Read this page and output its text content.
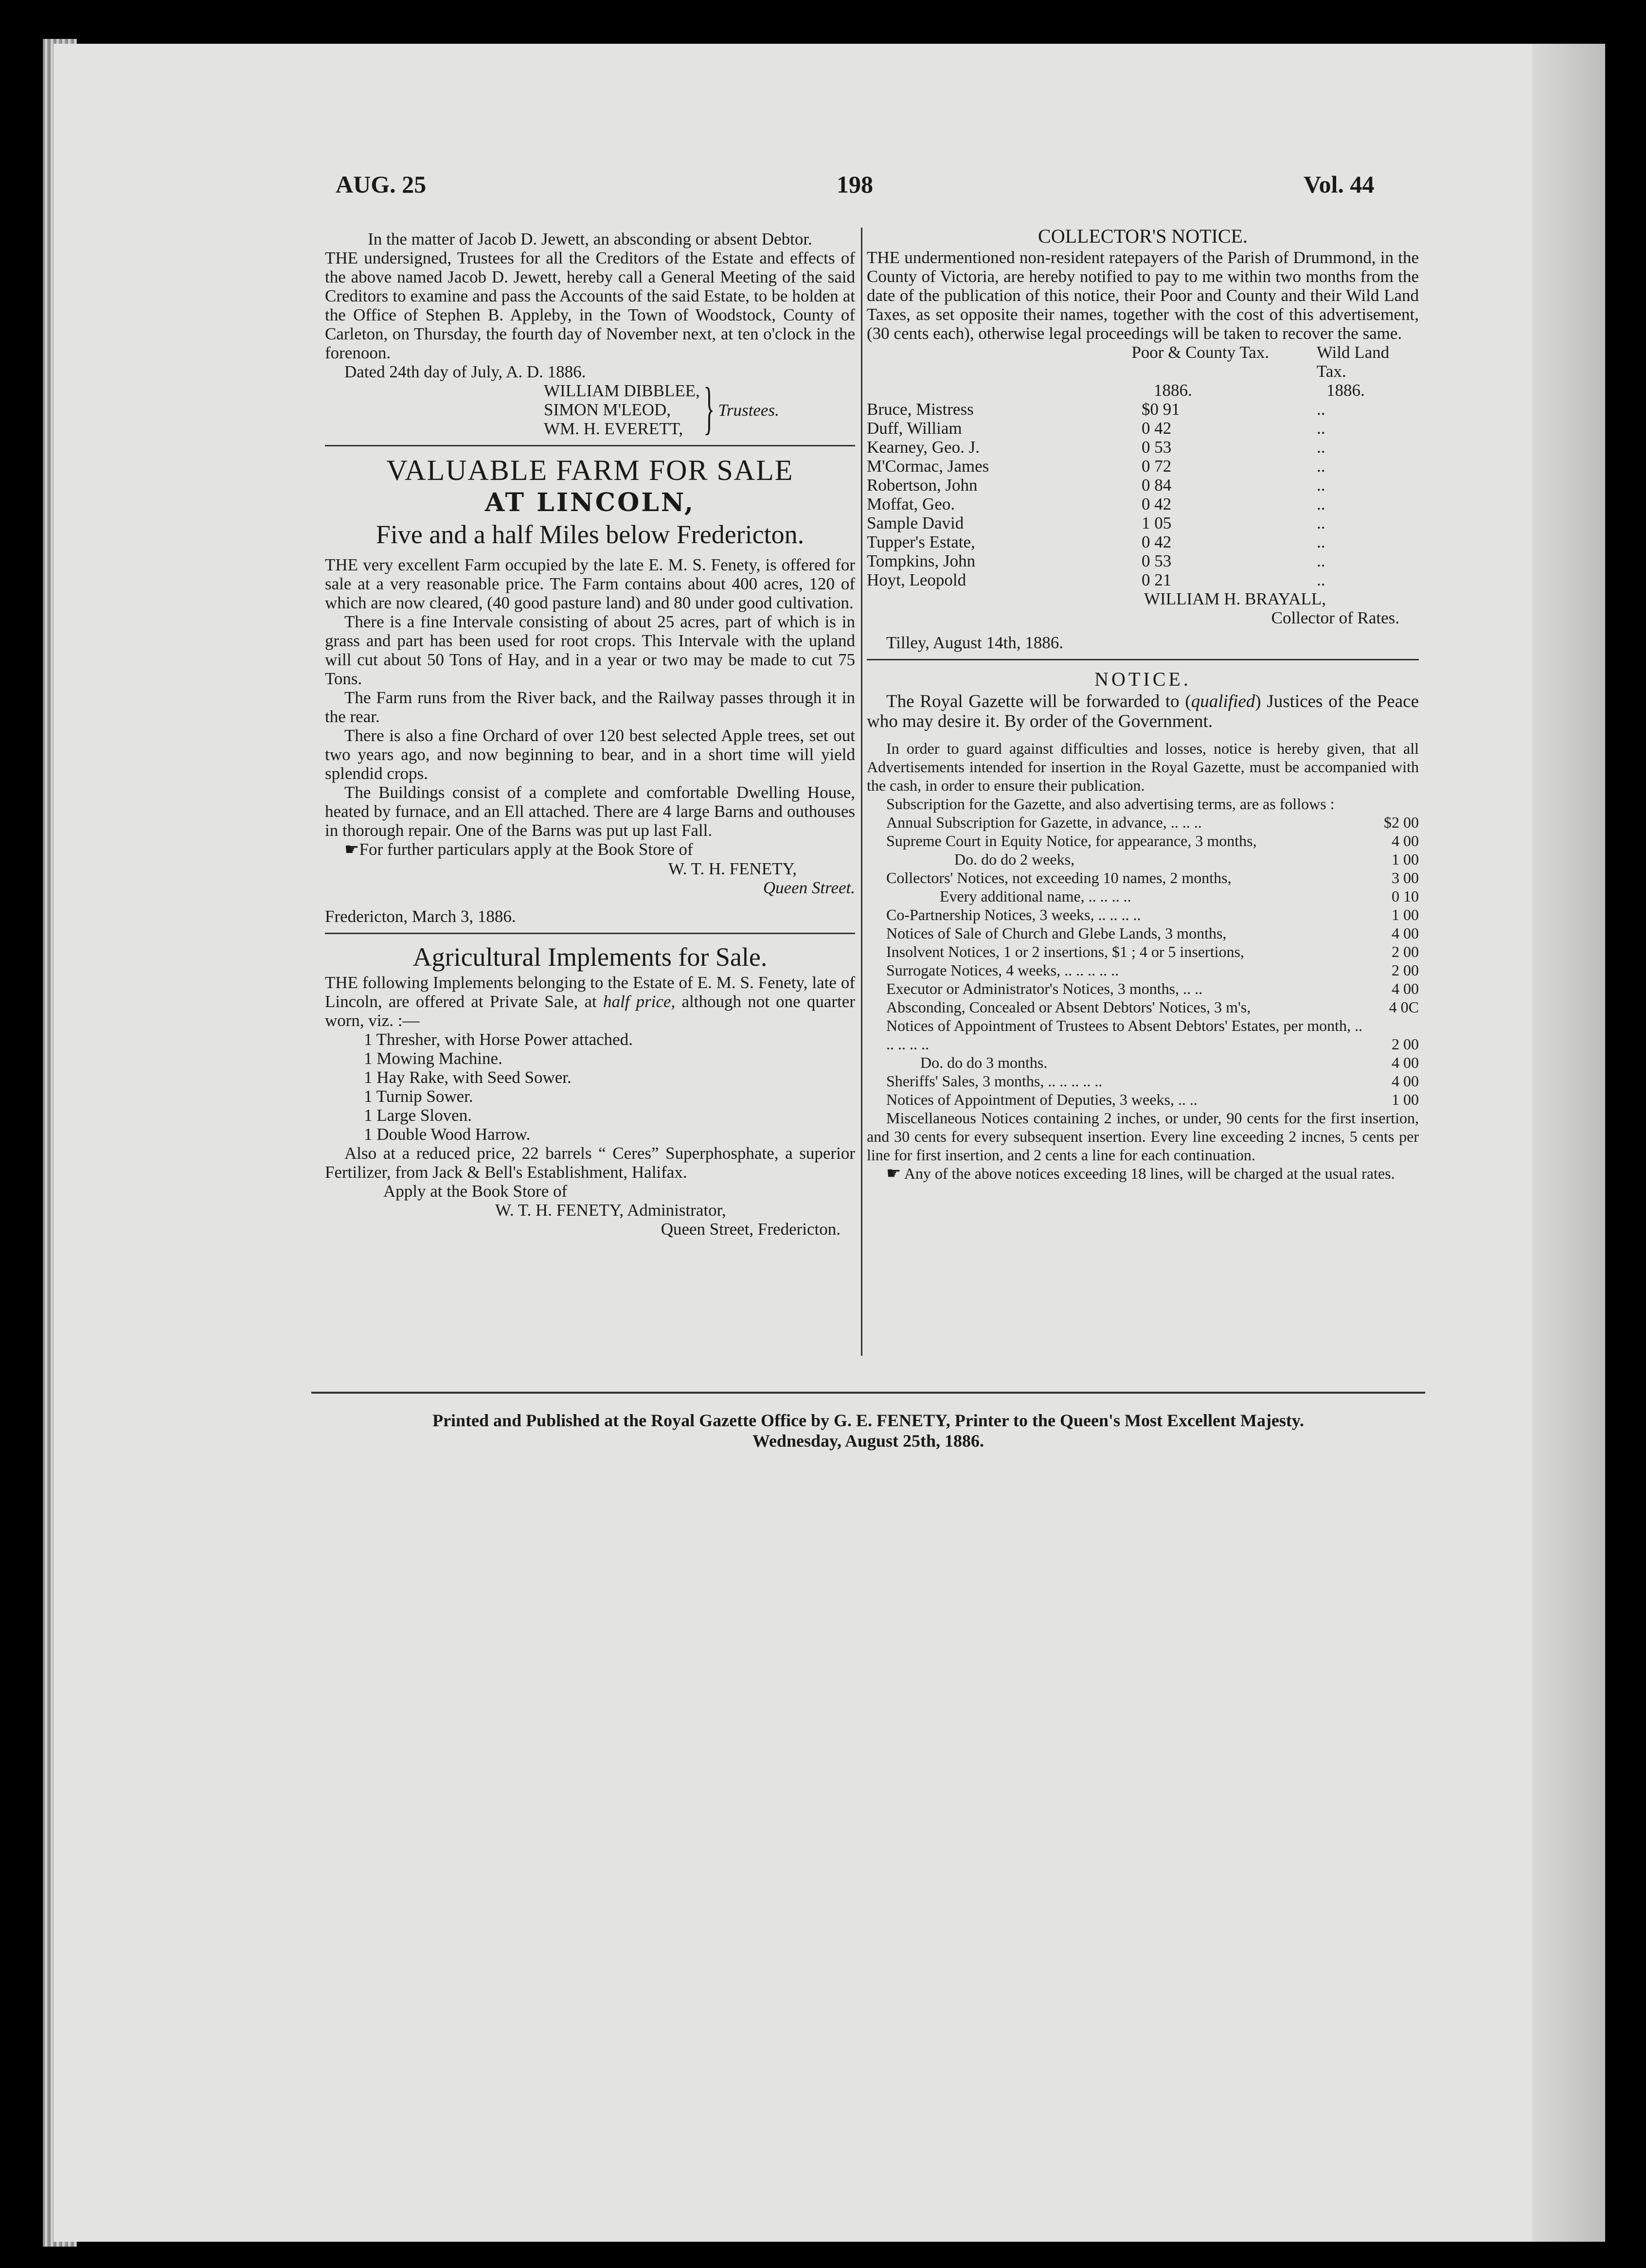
AUG. 25	198	Vol. 44

In the matter of Jacob D. Jewett, an absconding or absent Debtor.

THE undersigned, Trustees for all the Creditors of the Estate and effects of the above named Jacob D. Jewett, hereby call a General Meeting of the said Creditors to examine and pass the Accounts of the said Estate, to be holden at the Office of Stephen B. Appleby, in the Town of Woodstock, County of Carleton, on Thursday, the fourth day of November next, at ten o'clock in the forenoon.

Dated 24th day of July, A. D. 1886.

WILLIAM DIBBLEE,

SIMON M'LEOD,

WM. H. EVERETT, } Trustees.

VALUABLE FARM FOR SALE

AT LINCOLN,

Five and a half Miles below Fredericton.

THE very excellent Farm occupied by the late E. M. S. Fenety, is offered for sale at a very reasonable price. The Farm contains about 400 acres, 120 of which are now cleared, (40 good pasture land) and 80 under good cultivation.

There is a fine Intervale consisting of about 25 acres, part of which is in grass and part has been used for root crops. This Intervale with the upland will cut about 50 Tons of Hay, and in a year or two may be made to cut 75 Tons.

The Farm runs from the River back, and the Railway passes through it in the rear.

There is also a fine Orchard of over 120 best selected Apple trees, set out two years ago, and now beginning to bear, and in a short time will yield splendid crops.

The Buildings consist of a complete and comfortable Dwelling House, heated by furnace, and an Ell attached. There are 4 large Barns and outhouses in thorough repair. One of the Barns was put up last Fall.

☛For further particulars apply at the Book Store of

W. T. H. FENETY,

Queen Street.

Fredericton, March 3, 1886.

Agricultural Implements for Sale.

THE following Implements belonging to the Estate of E. M. S. Fenety, late of Lincoln, are offered at Private Sale, at half price, although not one quarter worn, viz. :—

1 Thresher, with Horse Power attached.

1 Mowing Machine.

1 Hay Rake, with Seed Sower.

1 Turnip Sower.

1 Large Sloven.

1 Double Wood Harrow.

Also at a reduced price, 22 barrels “ Ceres” Superphosphate, a superior Fertilizer, from Jack & Bell's Establishment, Halifax.

Apply at the Book Store of

W. T. H. FENETY, Administrator,

Queen Street, Fredericton.

COLLECTOR'S NOTICE.

THE undermentioned non-resident ratepayers of the Parish of Drummond, in the County of Victoria, are hereby notified to pay to me within two months from the date of the publication of this notice, their Poor and County and their Wild Land Taxes, as set opposite their names, together with the cost of this advertisement, (30 cents each), otherwise legal proceedings will be taken to recover the same.

Poor & County Tax.	Wild Land Tax.
1886.	1886.
Bruce, Mistress	$0 91	..
Duff, William	0 42	..
Kearney, Geo. J.	0 53	..
M'Cormac, James	0 72	..
Robertson, John	0 84	..
Moffat, Geo.	0 42	..
Sample David	1 05	..
Tupper's Estate,	0 42	..
Tompkins, John	0 53	..
Hoyt, Leopold	0 21	..

WILLIAM H. BRAYALL,

Collector of Rates.

Tilley, August 14th, 1886.

NOTICE.

The Royal Gazette will be forwarded to (qualified) Justices of the Peace who may desire it. By order of the Government.

In order to guard against difficulties and losses, notice is hereby given, that all Advertisements intended for insertion in the Royal Gazette, must be accompanied with the cash, in order to ensure their publication.

Subscription for the Gazette, and also advertising terms, are as follows :

Annual Subscription for Gazette, in advance, .. .. ..	$2 00
Supreme Court in Equity Notice, for appearance, 3 months,	4 00
Do. do do 2 weeks,	1 00
Collectors' Notices, not exceeding 10 names, 2 months,	3 00
Every additional name, .. .. .. ..	0 10
Co-Partnership Notices, 3 weeks, .. .. .. ..	1 00
Notices of Sale of Church and Glebe Lands, 3 months,	4 00
Insolvent Notices, 1 or 2 insertions, $1 ; 4 or 5 insertions,	2 00
Surrogate Notices, 4 weeks, .. .. .. .. ..	2 00
Executor or Administrator's Notices, 3 months, .. ..	4 00
Absconding, Concealed or Absent Debtors' Notices, 3 m's,	4 0C
Notices of Appointment of Trustees to Absent Debtors' Estates, per month, .. .. .. .. ..	2 00
Do. do do 3 months.	4 00
Sheriffs' Sales, 3 months, .. .. .. .. ..	4 00
Notices of Appointment of Deputies, 3 weeks, .. ..	1 00

Miscellaneous Notices containing 2 inches, or under, 90 cents for the first insertion, and 30 cents for every subsequent insertion. Every line exceeding 2 incnes, 5 cents per line for first insertion, and 2 cents a line for each continuation.

☛ Any of the above notices exceeding 18 lines, will be charged at the usual rates.

Printed and Published at the Royal Gazette Office by G. E. FENETY, Printer to the Queen's Most Excellent Majesty.

Wednesday, August 25th, 1886.
